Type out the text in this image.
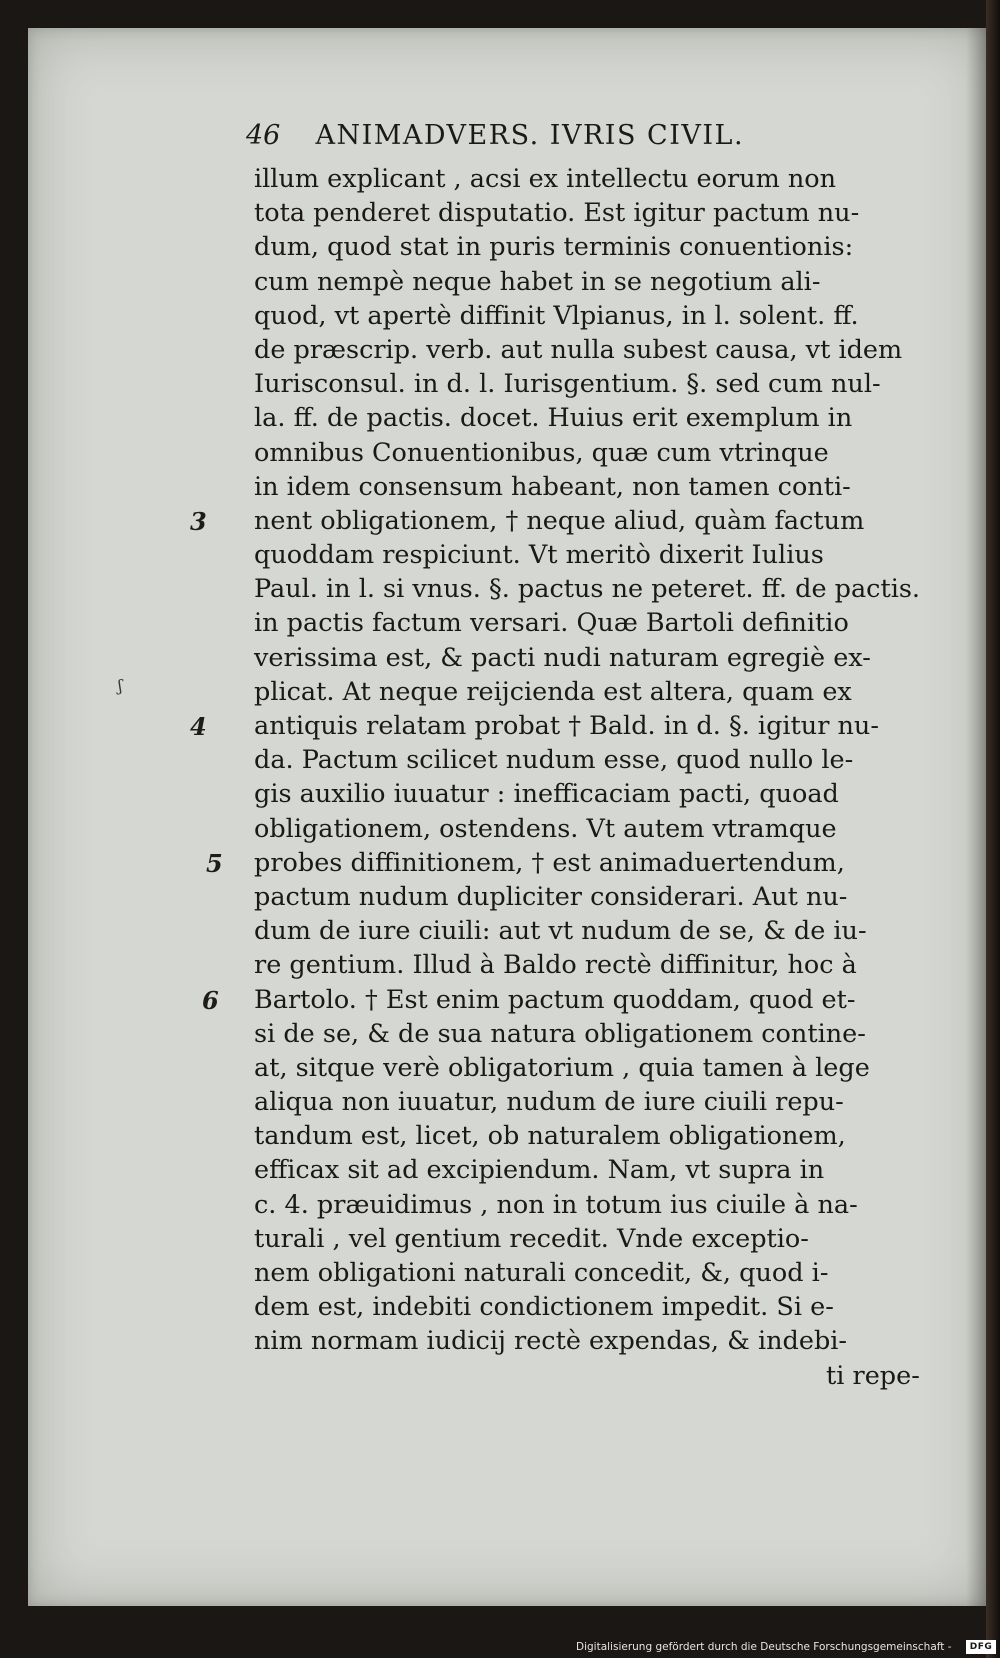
46 ANIMADVERS. IVRIS CIVIL.
illum explicant , acsi ex intellectu eorum non
tota penderet disputatio. Est igitur pactum nu-
dum, quod stat in puris terminis conuentionis:
cum nempè neque habet in se negotium ali-
quod, vt apertè diffinit Vlpianus, in l. solent. ff.
de præscrip. verb. aut nulla subest causa, vt idem
Iurisconsul. in d. l. Iurisgentium. §. sed cum nul-
la. ff. de pactis. docet. Huius erit exemplum in
omnibus Conuentionibus, quæ cum vtrinque
in idem consensum habeant, non tamen conti-
nent obligationem, † neque aliud, quàm factum
quoddam respiciunt. Vt meritò dixerit Iulius
Paul. in l. si vnus. §. pactus ne peteret. ff. de pactis.
in pactis factum versari. Quæ Bartoli definitio
verissima est, & pacti nudi naturam egregiè ex-
plicat. At neque reijcienda est altera, quam ex
antiquis relatam probat † Bald. in d. §. igitur nu-
da. Pactum scilicet nudum esse, quod nullo le-
gis auxilio iuuatur : inefficaciam pacti, quoad
obligationem, ostendens. Vt autem vtramque
probes diffinitionem, † est animaduertendum,
pactum nudum dupliciter considerari. Aut nu-
dum de iure ciuili: aut vt nudum de se, & de iu-
re gentium. Illud à Baldo rectè diffinitur, hoc à
Bartolo. † Est enim pactum quoddam, quod et-
si de se, & de sua natura obligationem contine-
at, sitque verè obligatorium , quia tamen à lege
aliqua non iuuatur, nudum de iure ciuili repu-
tandum est, licet, ob naturalem obligationem,
efficax sit ad excipiendum. Nam, vt supra in
c. 4. præuidimus , non in totum ius ciuile à na-
turali , vel gentium recedit. Vnde exceptio-
nem obligationi naturali concedit, &, quod i-
dem est, indebiti condictionem impedit. Si e-
nim normam iudicij rectè expendas, & indebi-
ti repe-
3
4
5
6
ʃ
Digitalisierung gefördert durch die Deutsche Forschungsgemeinschaft -	DFG
